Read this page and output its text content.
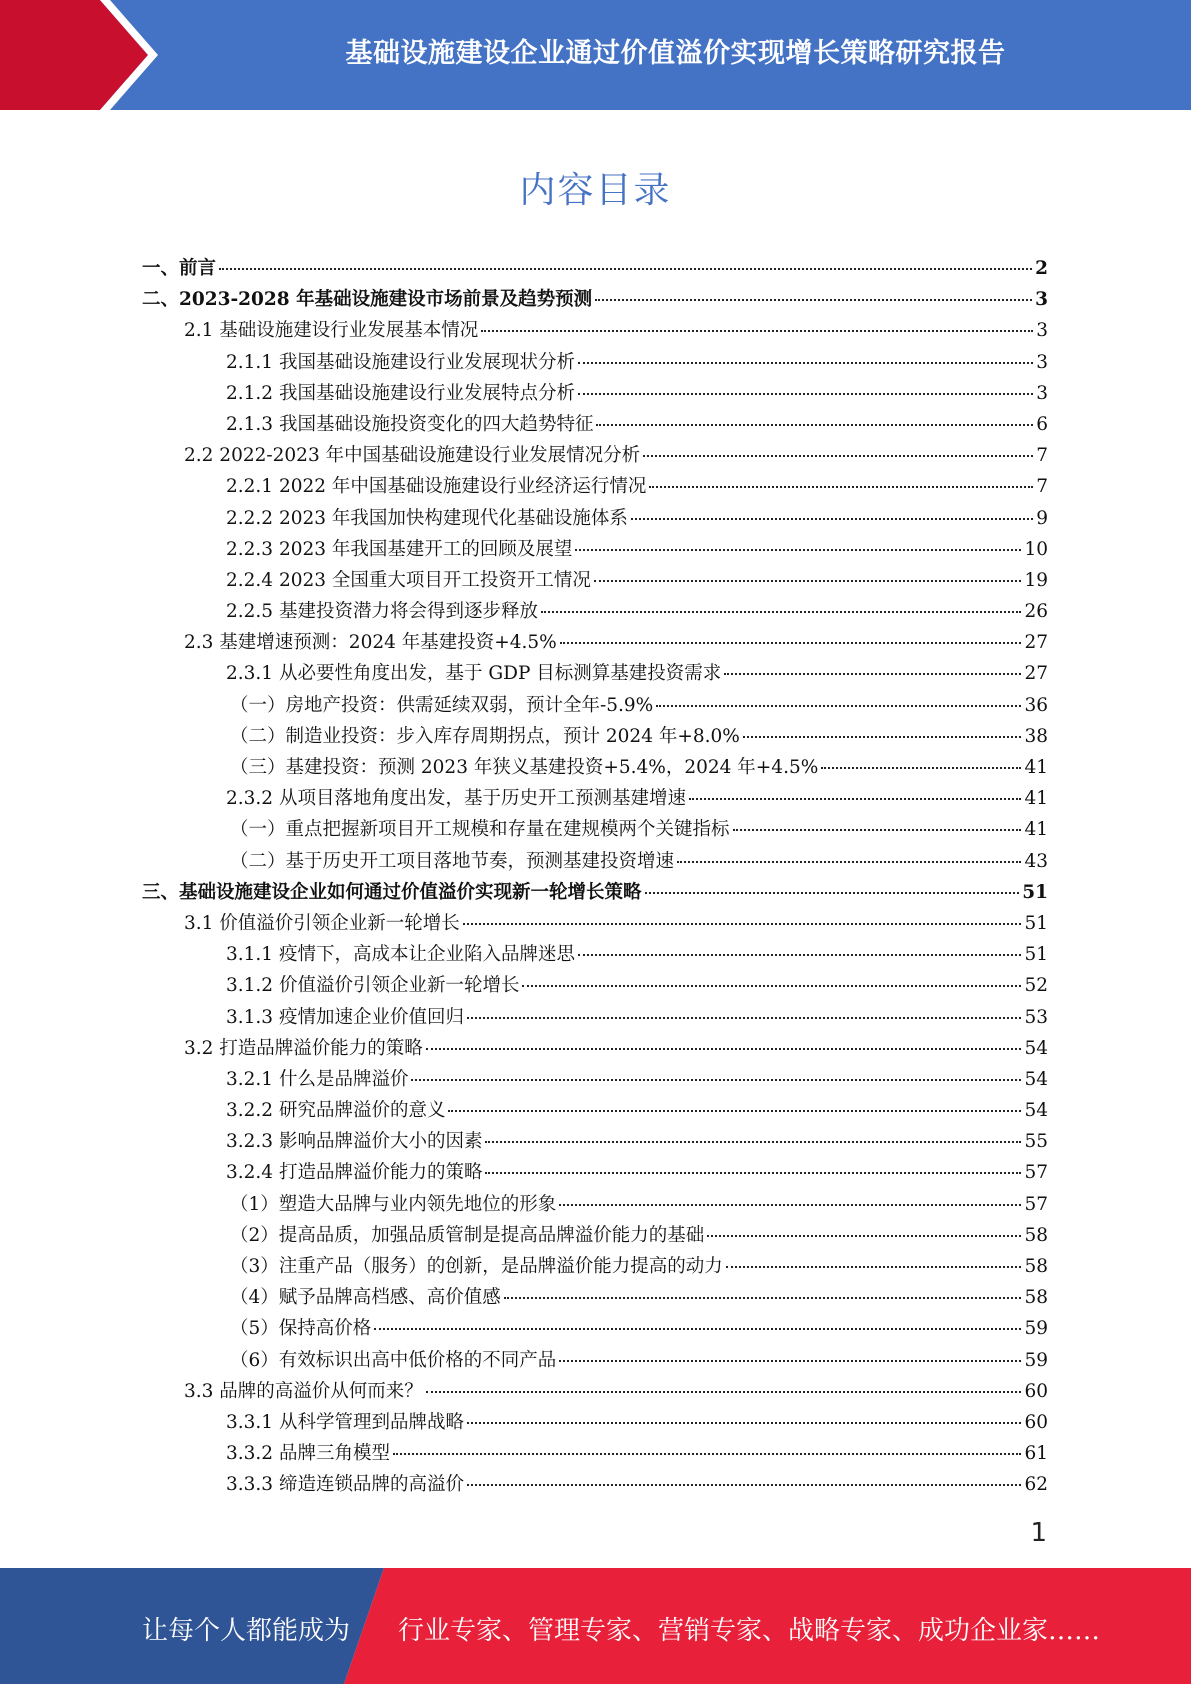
基础设施建设企业通过价值溢价实现增长策略研究报告
内容目录
一、前言	2
二、2023-2028 年基础设施建设市场前景及趋势预测	3
2.1 基础设施建设行业发展基本情况	3
2.1.1 我国基础设施建设行业发展现状分析	3
2.1.2 我国基础设施建设行业发展特点分析	3
2.1.3 我国基础设施投资变化的四大趋势特征	6
2.2 2022-2023 年中国基础设施建设行业发展情况分析	7
2.2.1 2022 年中国基础设施建设行业经济运行情况	7
2.2.2 2023 年我国加快构建现代化基础设施体系	9
2.2.3 2023 年我国基建开工的回顾及展望	10
2.2.4 2023 全国重大项目开工投资开工情况	19
2.2.5 基建投资潜力将会得到逐步释放	26
2.3 基建增速预测：2024 年基建投资+4.5%	27
2.3.1 从必要性角度出发，基于 GDP 目标测算基建投资需求	27
（一）房地产投资：供需延续双弱，预计全年-5.9%	36
（二）制造业投资：步入库存周期拐点，预计 2024 年+8.0%	38
（三）基建投资：预测 2023 年狭义基建投资+5.4%，2024 年+4.5%	41
2.3.2 从项目落地角度出发，基于历史开工预测基建增速	41
（一）重点把握新项目开工规模和存量在建规模两个关键指标	41
（二）基于历史开工项目落地节奏，预测基建投资增速	43
三、基础设施建设企业如何通过价值溢价实现新一轮增长策略	51
3.1 价值溢价引领企业新一轮增长	51
3.1.1 疫情下，高成本让企业陷入品牌迷思	51
3.1.2 价值溢价引领企业新一轮增长	52
3.1.3 疫情加速企业价值回归	53
3.2 打造品牌溢价能力的策略	54
3.2.1 什么是品牌溢价	54
3.2.2 研究品牌溢价的意义	54
3.2.3 影响品牌溢价大小的因素	55
3.2.4 打造品牌溢价能力的策略	57
（1）塑造大品牌与业内领先地位的形象	57
（2）提高品质，加强品质管制是提高品牌溢价能力的基础	58
（3）注重产品（服务）的创新，是品牌溢价能力提高的动力	58
（4）赋予品牌高档感、高价值感	58
（5）保持高价格	59
（6）有效标识出高中低价格的不同产品	59
3.3 品牌的高溢价从何而来？	60
3.3.1 从科学管理到品牌战略	60
3.3.2 品牌三角模型	61
3.3.3 缔造连锁品牌的高溢价	62
1
让每个人都能成为 行业专家、管理专家、营销专家、战略专家、成功企业家……
